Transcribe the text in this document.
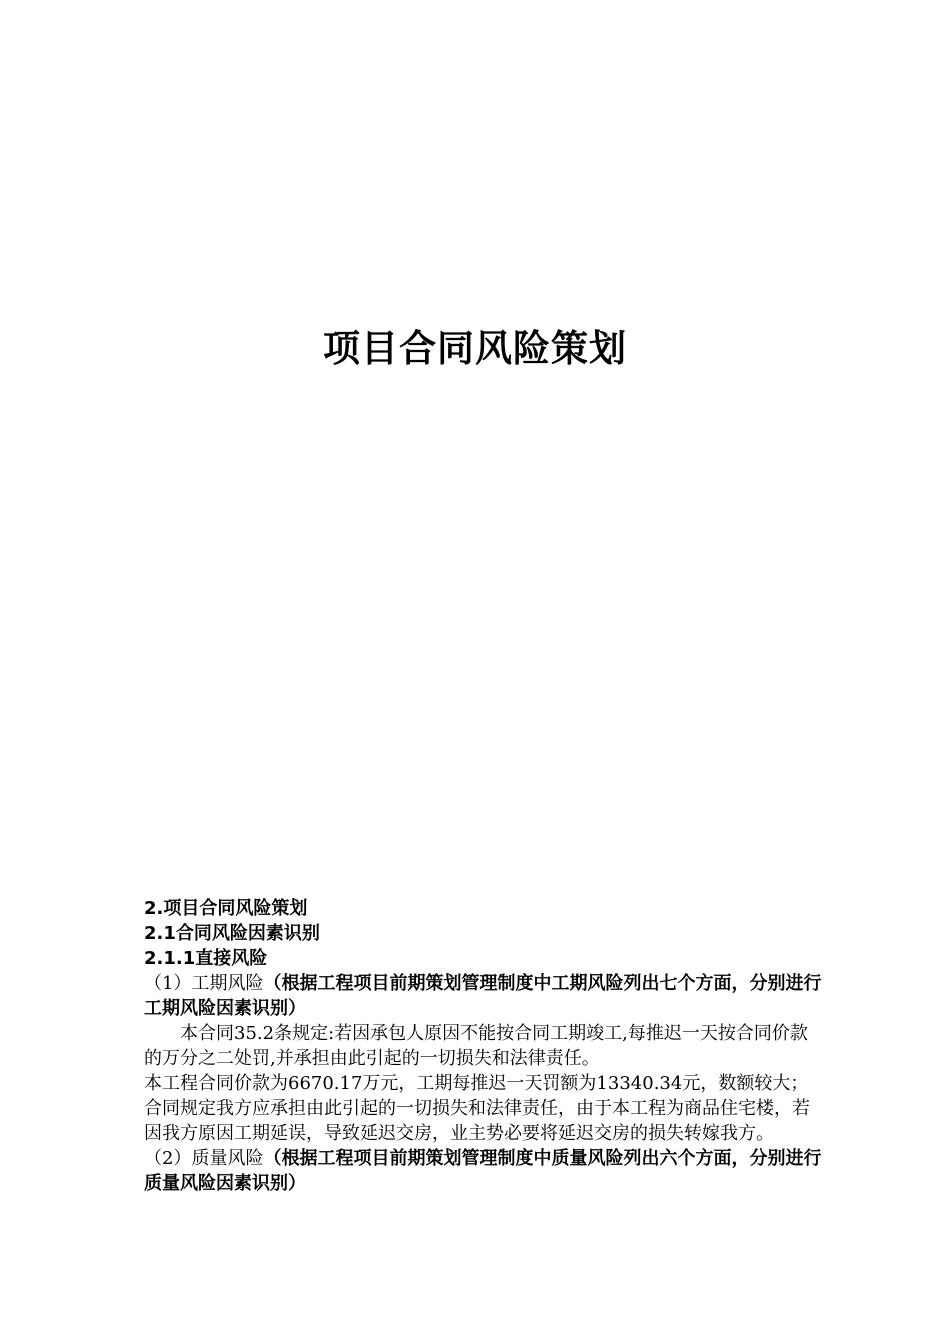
项目合同风险策划

2.项目合同风险策划

2.1合同风险因素识别

2.1.1直接风险

（1）工期风险（根据工程项目前期策划管理制度中工期风险列出七个方面，分别进行工期风险因素识别）

本合同35.2条规定:若因承包人原因不能按合同工期竣工,每推迟一天按合同价款的万分之二处罚,并承担由此引起的一切损失和法律责任。

本工程合同价款为6670.17万元，工期每推迟一天罚额为13340.34元，数额较大；合同规定我方应承担由此引起的一切损失和法律责任，由于本工程为商品住宅楼，若因我方原因工期延误，导致延迟交房，业主势必要将延迟交房的损失转嫁我方。

（2）质量风险（根据工程项目前期策划管理制度中质量风险列出六个方面，分别进行质量风险因素识别）
